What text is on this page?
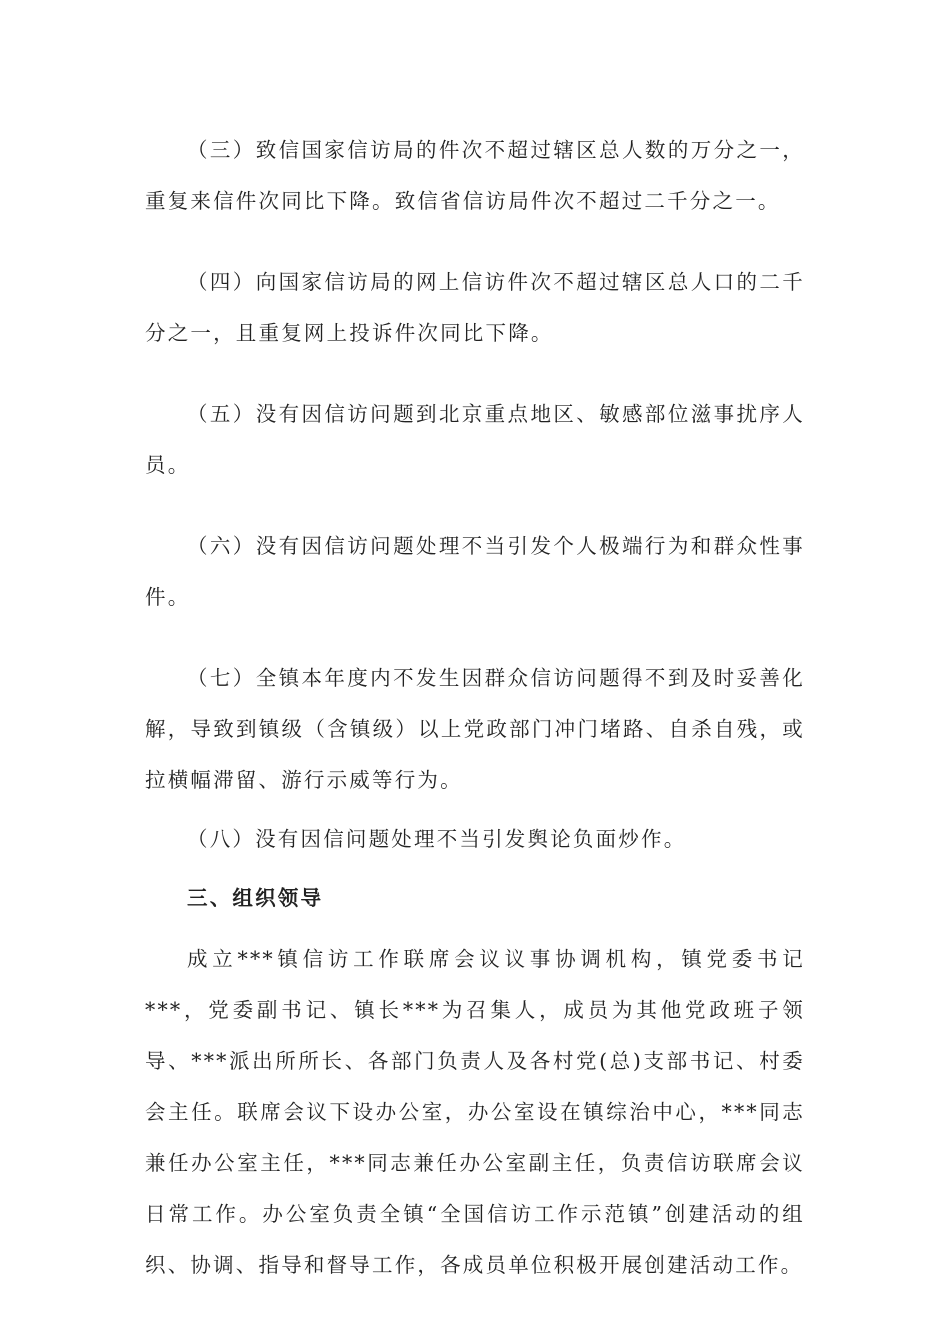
（三）致信国家信访局的件次不超过辖区总人数的万分之一，重复来信件次同比下降。致信省信访局件次不超过二千分之一。

（四）向国家信访局的网上信访件次不超过辖区总人口的二千分之一，且重复网上投诉件次同比下降。

（五）没有因信访问题到北京重点地区、敏感部位滋事扰序人员。

（六）没有因信访问题处理不当引发个人极端行为和群众性事件。

（七）全镇本年度内不发生因群众信访问题得不到及时妥善化解，导致到镇级（含镇级）以上党政部门冲门堵路、自杀自残，或拉横幅滞留、游行示威等行为。

（八）没有因信问题处理不当引发舆论负面炒作。

三、组织领导

成立***镇信访工作联席会议议事协调机构，镇党委书记***，党委副书记、镇长***为召集人，成员为其他党政班子领导、***派出所所长、各部门负责人及各村党(总)支部书记、村委会主任。联席会议下设办公室，办公室设在镇综治中心，***同志兼任办公室主任，***同志兼任办公室副主任，负责信访联席会议日常工作。办公室负责全镇“全国信访工作示范镇”创建活动的组织、协调、指导和督导工作，各成员单位积极开展创建活动工作。
